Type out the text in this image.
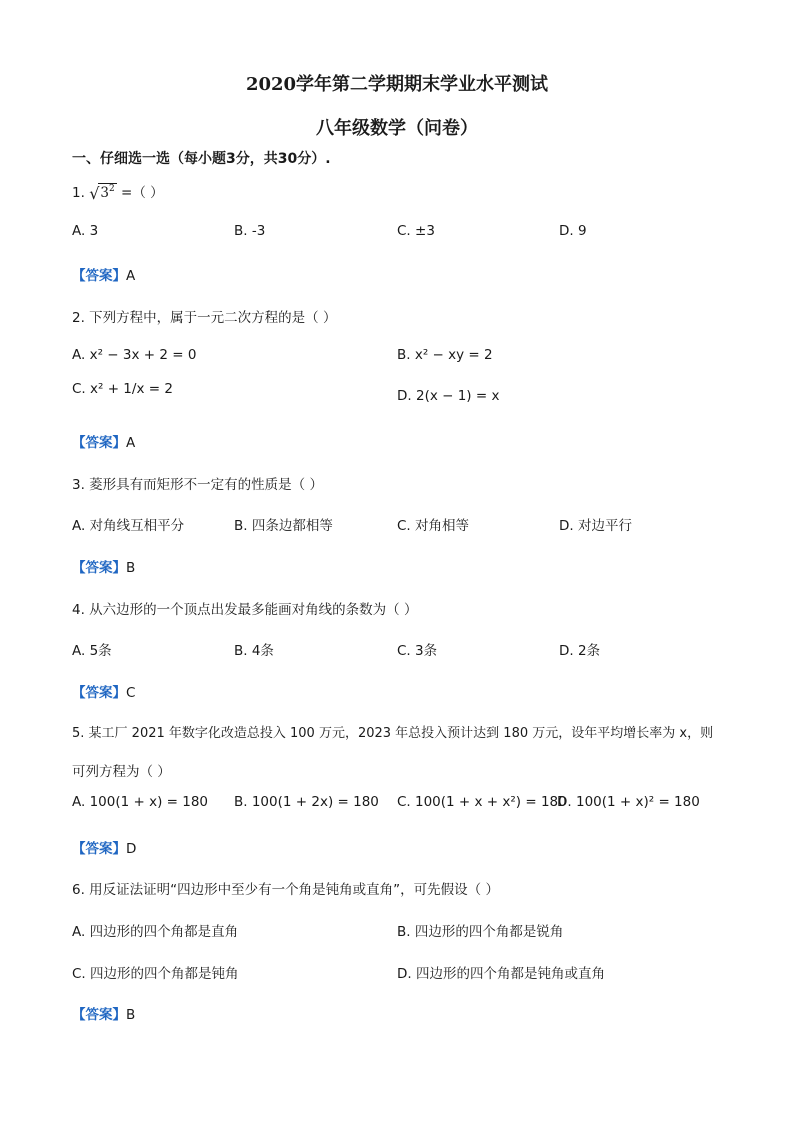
2020学年第二学期期末学业水平测试
八年级数学（问卷）
一、仔细选一选（每小题3分，共30分）.
1. $√3^2$ =（ ）
A. 3	B. -3	C. ±3	D. 9
【答案】A
2. 下列方程中，属于一元二次方程的是（ ）
A. x² − 3x + 2 = 0	B. x² − xy = 2
C. x² + 1/x = 2	D. 2(x − 1) = x
【答案】A
3. 菱形具有而矩形不一定有的性质是（ ）
A. 对角线互相平分	B. 四条边都相等	C. 对角相等	D. 对边平行
【答案】B
4. 从六边形的一个顶点出发最多能画对角线的条数为（ ）
A. 5条	B. 4条	C. 3条	D. 2条
【答案】C
5. 某工厂 2021 年数字化改造总投入 100 万元，2023 年总投入预计达到 180 万元，设年平均增长率为 x，则
可列方程为（ ）
A. 100(1 + x) = 180 B. 100(1 + 2x) = 180 C. 100(1 + x + x²) = 180
D. 100(1 + x)² = 180
【答案】D
6. 用反证法证明“四边形中至少有一个角是钝角或直角”，可先假设（ ）
A. 四边形的四个角都是直角	B. 四边形的四个角都是锐角
C. 四边形的四个角都是钝角	D. 四边形的四个角都是钝角或直角
【答案】B
